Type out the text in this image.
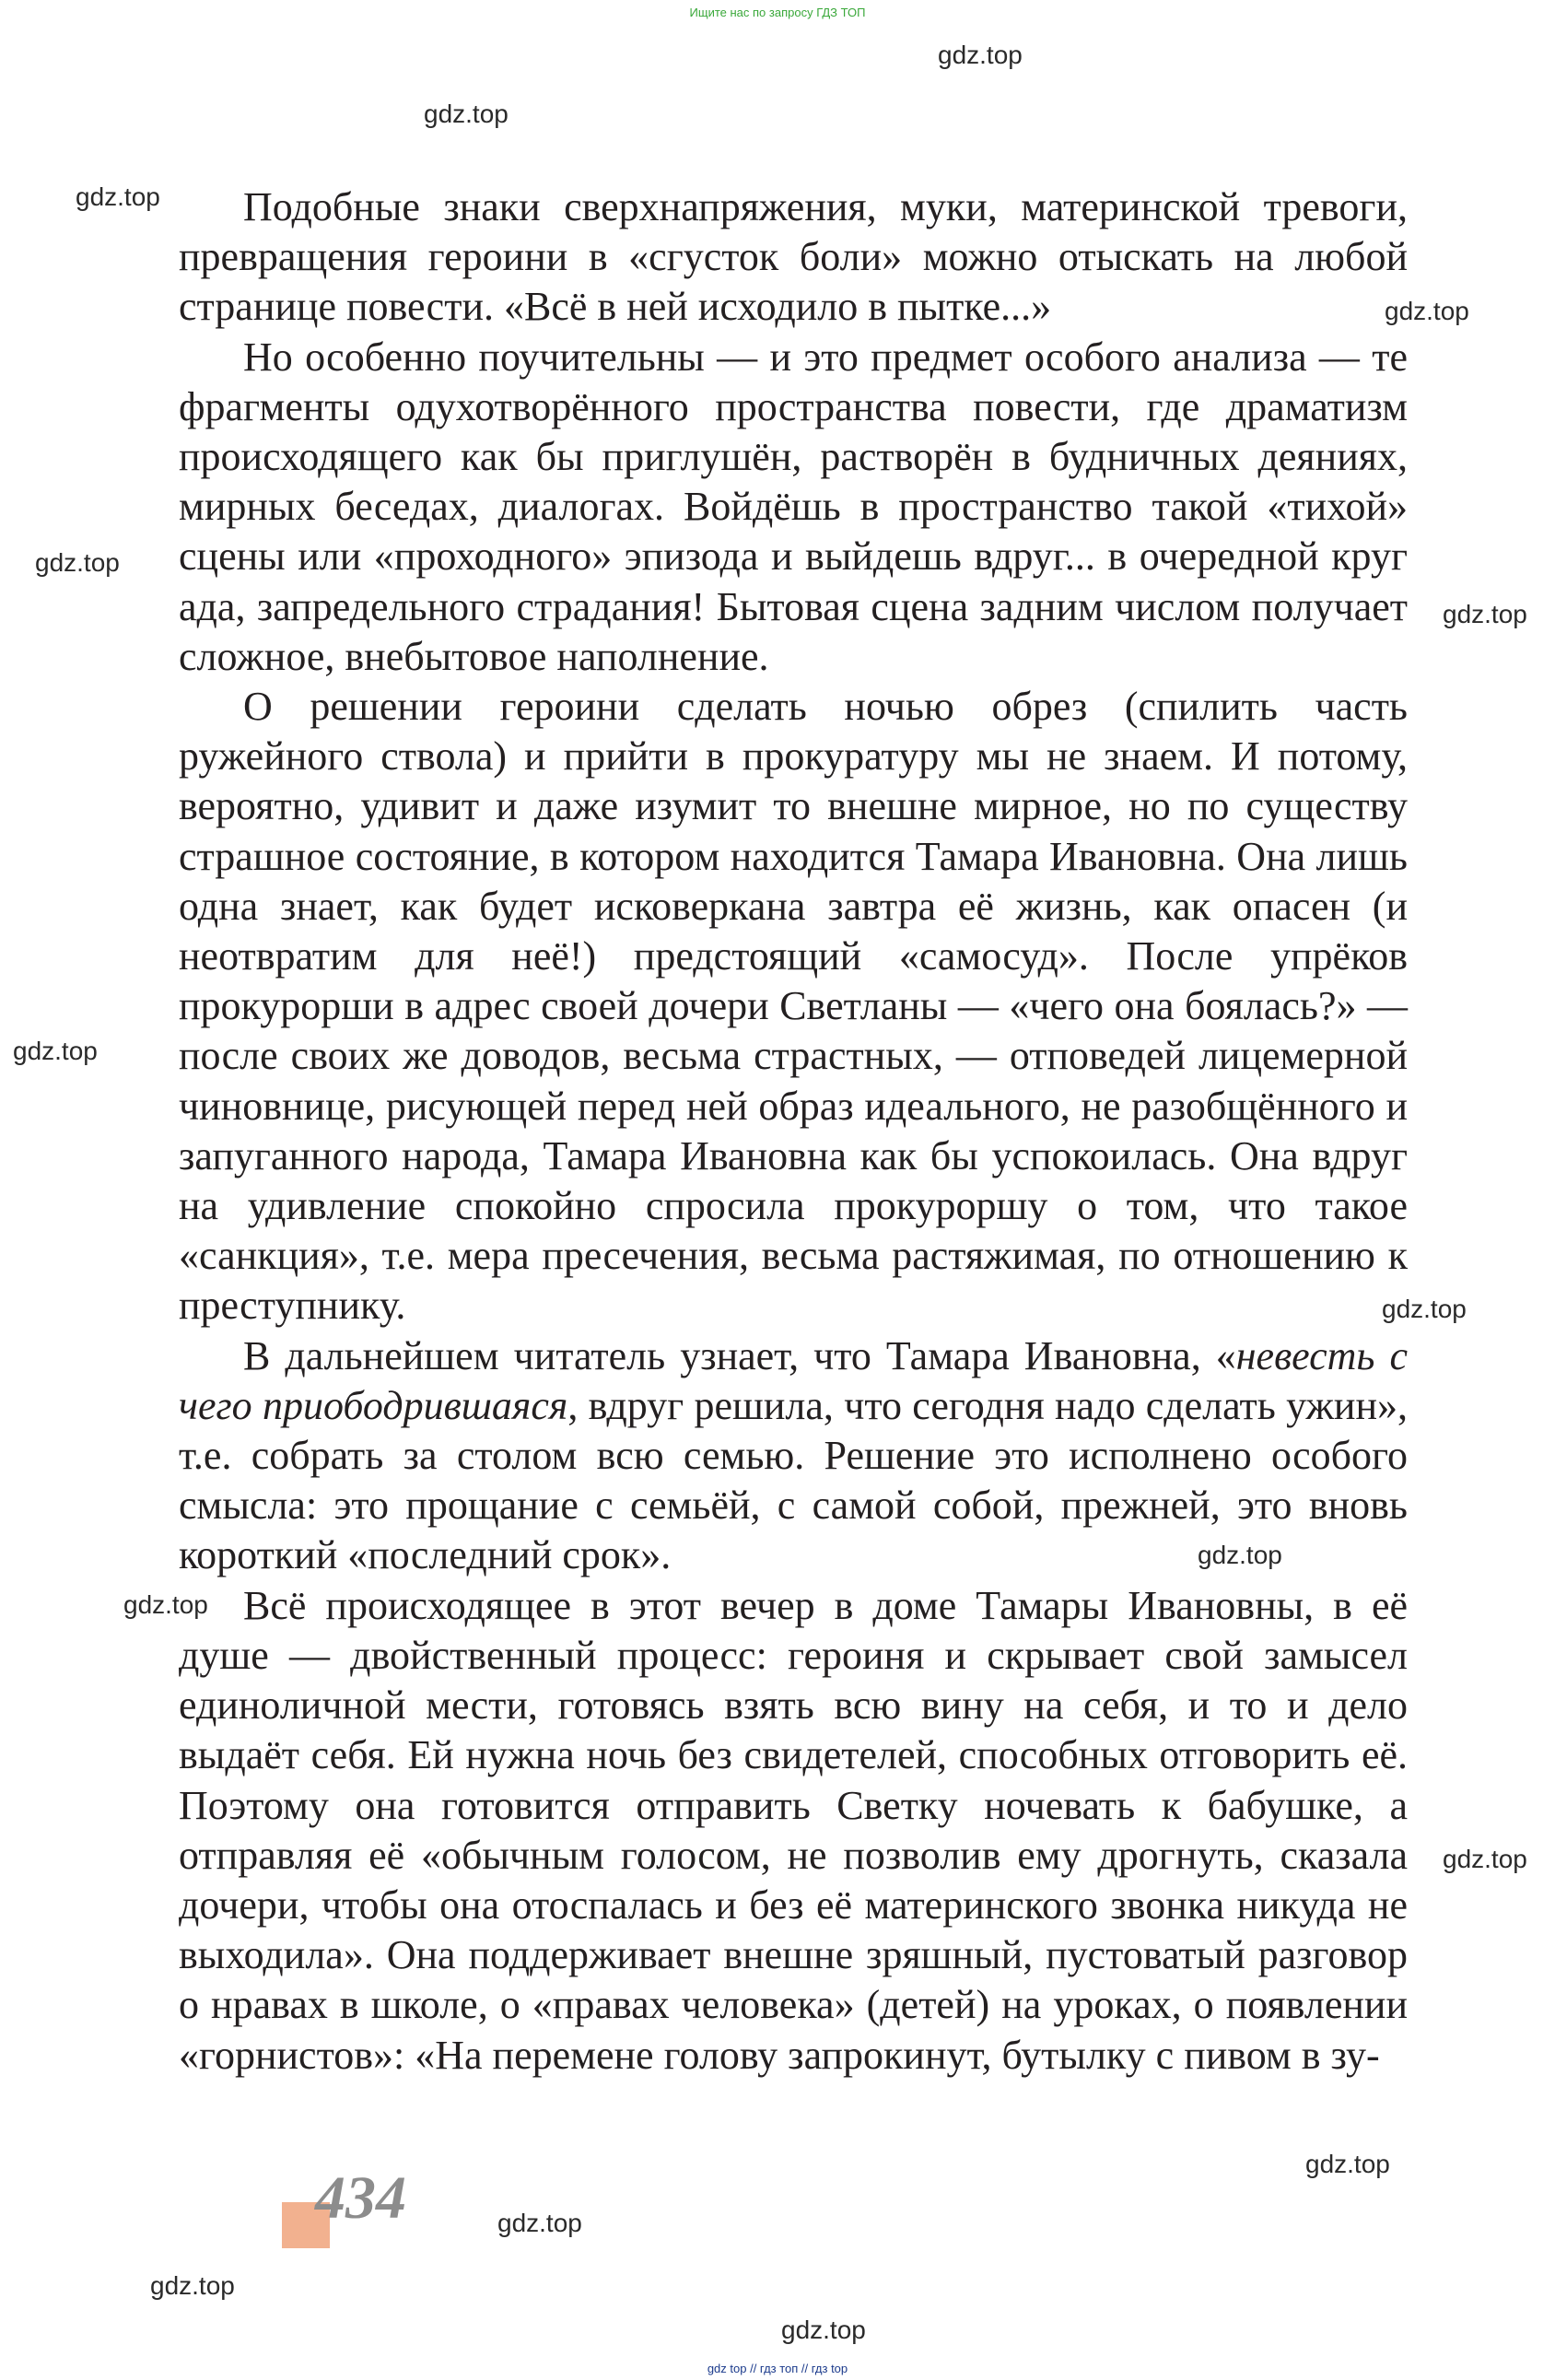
Ищите нас по запросу ГДЗ ТОП

Подобные знаки сверхнапряжения, муки, материнской тревоги, превращения героини в «сгусток боли» можно отыскать на любой странице повести. «Всё в ней исходило в пытке...»

Но особенно поучительны — и это предмет особого анализа — те фрагменты одухотворённого пространства повести, где драматизм происходящего как бы приглушён, растворён в будничных деяниях, мирных беседах, диалогах. Войдёшь в пространство такой «тихой» сцены или «проходного» эпизода и выйдешь вдруг... в очередной круг ада, запредельного страдания! Бытовая сцена задним числом получает сложное, внебытовое наполнение.

О решении героини сделать ночью обрез (спилить часть ружейного ствола) и прийти в прокуратуру мы не знаем. И потому, вероятно, удивит и даже изумит то внешне мирное, но по существу страшное состояние, в котором находится Тамара Ивановна. Она лишь одна знает, как будет исковеркана завтра её жизнь, как опасен (и неотвратим для неё!) предстоящий «самосуд». После упрёков прокурорши в адрес своей дочери Светланы — «чего она боялась?» — после своих же доводов, весьма страстных, — отповедей лицемерной чиновнице, рисующей перед ней образ идеального, не разобщённого и запуганного народа, Тамара Ивановна как бы успокоилась. Она вдруг на удивление спокойно спросила прокуроршу о том, что такое «санкция», т.е. мера пресечения, весьма растяжимая, по отношению к преступнику.

В дальнейшем читатель узнает, что Тамара Ивановна, «невесть с чего приободрившаяся, вдруг решила, что сегодня надо сделать ужин», т.е. собрать за столом всю семью. Решение это исполнено особого смысла: это прощание с семьёй, с самой собой, прежней, это вновь короткий «последний срок».

Всё происходящее в этот вечер в доме Тамары Ивановны, в её душе — двойственный процесс: героиня и скрывает свой замысел единоличной мести, готовясь взять всю вину на себя, и то и дело выдаёт себя. Ей нужна ночь без свидетелей, способных отговорить её. Поэтому она готовится отправить Светку ночевать к бабушке, а отправляя её «обычным голосом, не позволив ему дрогнуть, сказала дочери, чтобы она отоспалась и без её материнского звонка никуда не выходила». Она поддерживает внешне зряшный, пустоватый разговор о нравах в школе, о «правах человека» (детей) на уроках, о появлении «горнистов»: «На перемене голову запрокинут, бутылку с пивом в зу-

gdz.top
gdz.top
gdz.top
gdz.top
gdz.top
gdz.top
gdz.top
gdz.top
gdz.top
gdz.top
gdz.top
gdz.top
gdz.top
gdz.top
gdz.top
434
gdz top // гдз топ // гдз top
